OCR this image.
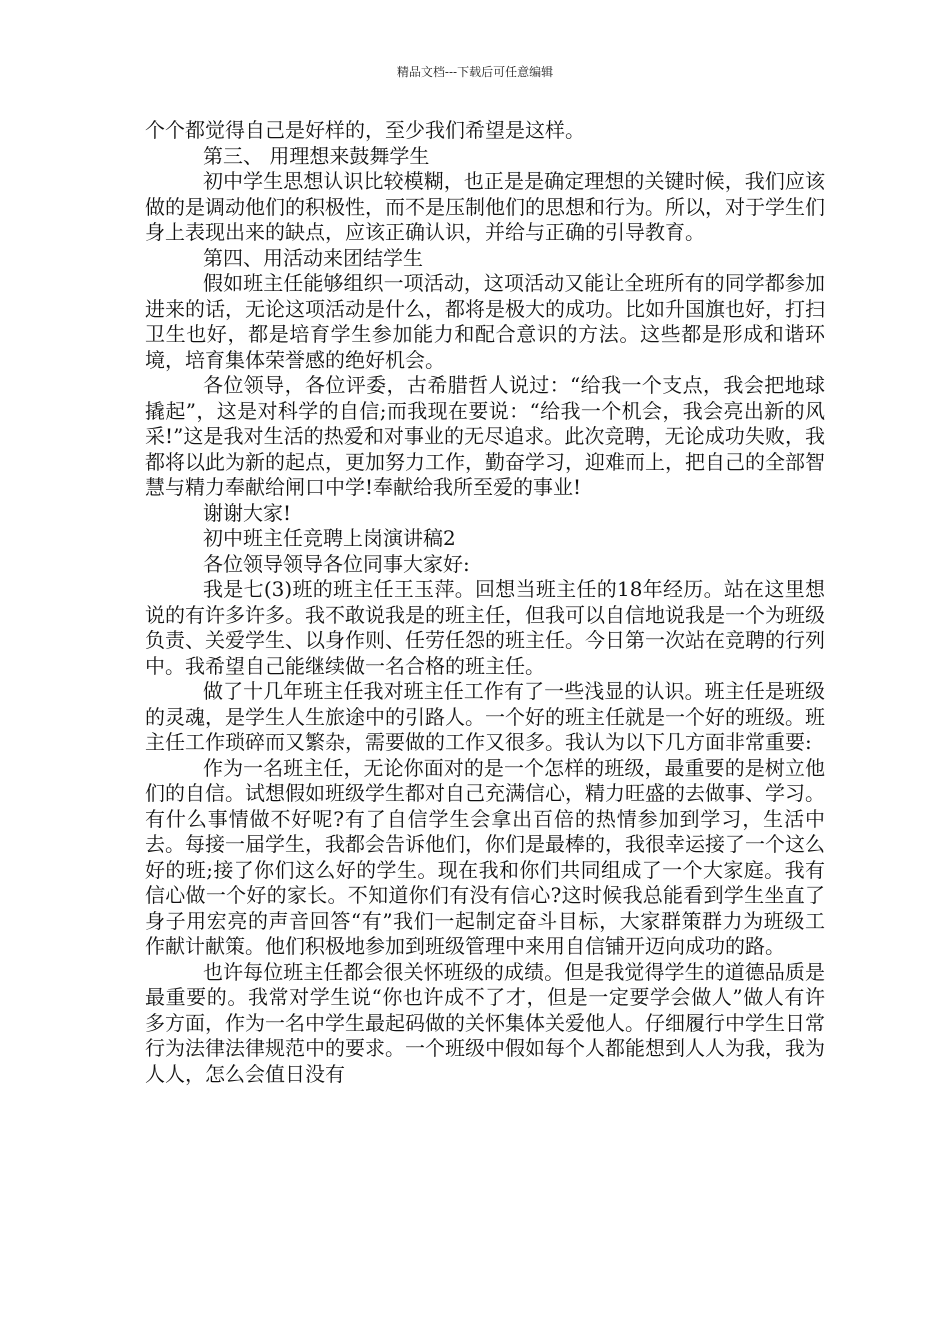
精品文档---下载后可任意编辑

个个都觉得自己是好样的，至少我们希望是这样。

第三、 用理想来鼓舞学生

初中学生思想认识比较模糊，也正是是确定理想的关键时候，我们应该做的是调动他们的积极性，而不是压制他们的思想和行为。所以，对于学生们身上表现出来的缺点，应该正确认识，并给与正确的引导教育。

第四、用活动来团结学生

假如班主任能够组织一项活动，这项活动又能让全班所有的同学都参加进来的话，无论这项活动是什么，都将是极大的成功。比如升国旗也好，打扫卫生也好，都是培育学生参加能力和配合意识的方法。这些都是形成和谐环境，培育集体荣誉感的绝好机会。

各位领导，各位评委，古希腊哲人说过：“给我一个支点，我会把地球撬起”，这是对科学的自信;而我现在要说：“给我一个机会，我会亮出新的风采!”这是我对生活的热爱和对事业的无尽追求。此次竞聘，无论成功失败，我都将以此为新的起点，更加努力工作，勤奋学习，迎难而上，把自己的全部智慧与精力奉献给闸口中学!奉献给我所至爱的事业!

谢谢大家!

初中班主任竞聘上岗演讲稿2

各位领导领导各位同事大家好:

我是七(3)班的班主任王玉萍。回想当班主任的18年经历。站在这里想说的有许多许多。我不敢说我是的班主任，但我可以自信地说我是一个为班级负责、关爱学生、以身作则、任劳任怨的班主任。今日第一次站在竞聘的行列中。我希望自己能继续做一名合格的班主任。

做了十几年班主任我对班主任工作有了一些浅显的认识。班主任是班级的灵魂，是学生人生旅途中的引路人。一个好的班主任就是一个好的班级。班主任工作琐碎而又繁杂，需要做的工作又很多。我认为以下几方面非常重要:

作为一名班主任，无论你面对的是一个怎样的班级，最重要的是树立他们的自信。试想假如班级学生都对自己充满信心，精力旺盛的去做事、学习。有什么事情做不好呢?有了自信学生会拿出百倍的热情参加到学习，生活中去。每接一届学生，我都会告诉他们，你们是最棒的，我很幸运接了一个这么好的班;接了你们这么好的学生。现在我和你们共同组成了一个大家庭。我有信心做一个好的家长。不知道你们有没有信心?这时候我总能看到学生坐直了身子用宏亮的声音回答“有”我们一起制定奋斗目标，大家群策群力为班级工作献计献策。他们积极地参加到班级管理中来用自信铺开迈向成功的路。

也许每位班主任都会很关怀班级的成绩。但是我觉得学生的道德品质是最重要的。我常对学生说“你也许成不了才，但是一定要学会做人”做人有许多方面，作为一名中学生最起码做的关怀集体关爱他人。仔细履行中学生日常行为法律法律规范中的要求。一个班级中假如每个人都能想到人人为我，我为人人，怎么会值日没有
